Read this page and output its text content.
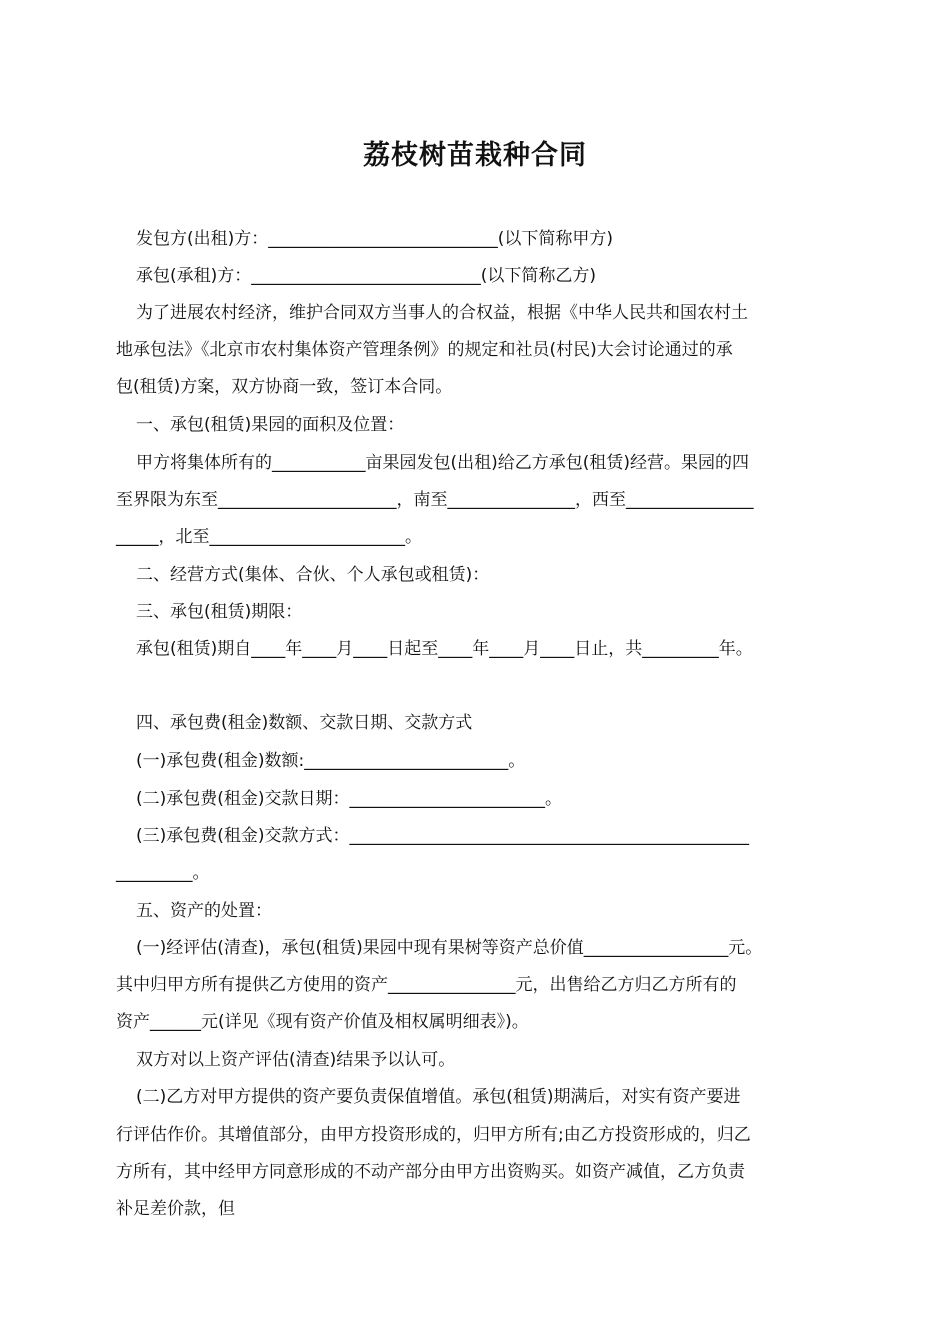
荔枝树苗栽种合同
发包方(出租)方：___________________________(以下简称甲方)
承包(承租)方：___________________________(以下简称乙方)
为了进展农村经济，维护合同双方当事人的合权益，根据《中华人民共和国农村土
地承包法》《北京市农村集体资产管理条例》的规定和社员(村民)大会讨论通过的承
包(租赁)方案，双方协商一致，签订本合同。
一、承包(租赁)果园的面积及位置：
甲方将集体所有的___________亩果园发包(出租)给乙方承包(租赁)经营。果园的四
至界限为东至_____________________，南至_______________，西至_______________
_____，北至_______________________。
二、经营方式(集体、合伙、个人承包或租赁)：
三、承包(租赁)期限：
承包(租赁)期自____年____月____日起至____年____月____日止，共_________年。
四、承包费(租金)数额、交款日期、交款方式
(一)承包费(租金)数额:________________________。
(二)承包费(租金)交款日期：_______________________。
(三)承包费(租金)交款方式：_______________________________________________
_________。
五、资产的处置：
(一)经评估(清查)，承包(租赁)果园中现有果树等资产总价值_________________元。
其中归甲方所有提供乙方使用的资产_______________元，出售给乙方归乙方所有的
资产______元(详见《现有资产价值及相权属明细表》)。
双方对以上资产评估(清查)结果予以认可。
(二)乙方对甲方提供的资产要负责保值增值。承包(租赁)期满后，对实有资产要进
行评估作价。其增值部分，由甲方投资形成的，归甲方所有;由乙方投资形成的，归乙
方所有，其中经甲方同意形成的不动产部分由甲方出资购买。如资产减值，乙方负责
补足差价款，但
